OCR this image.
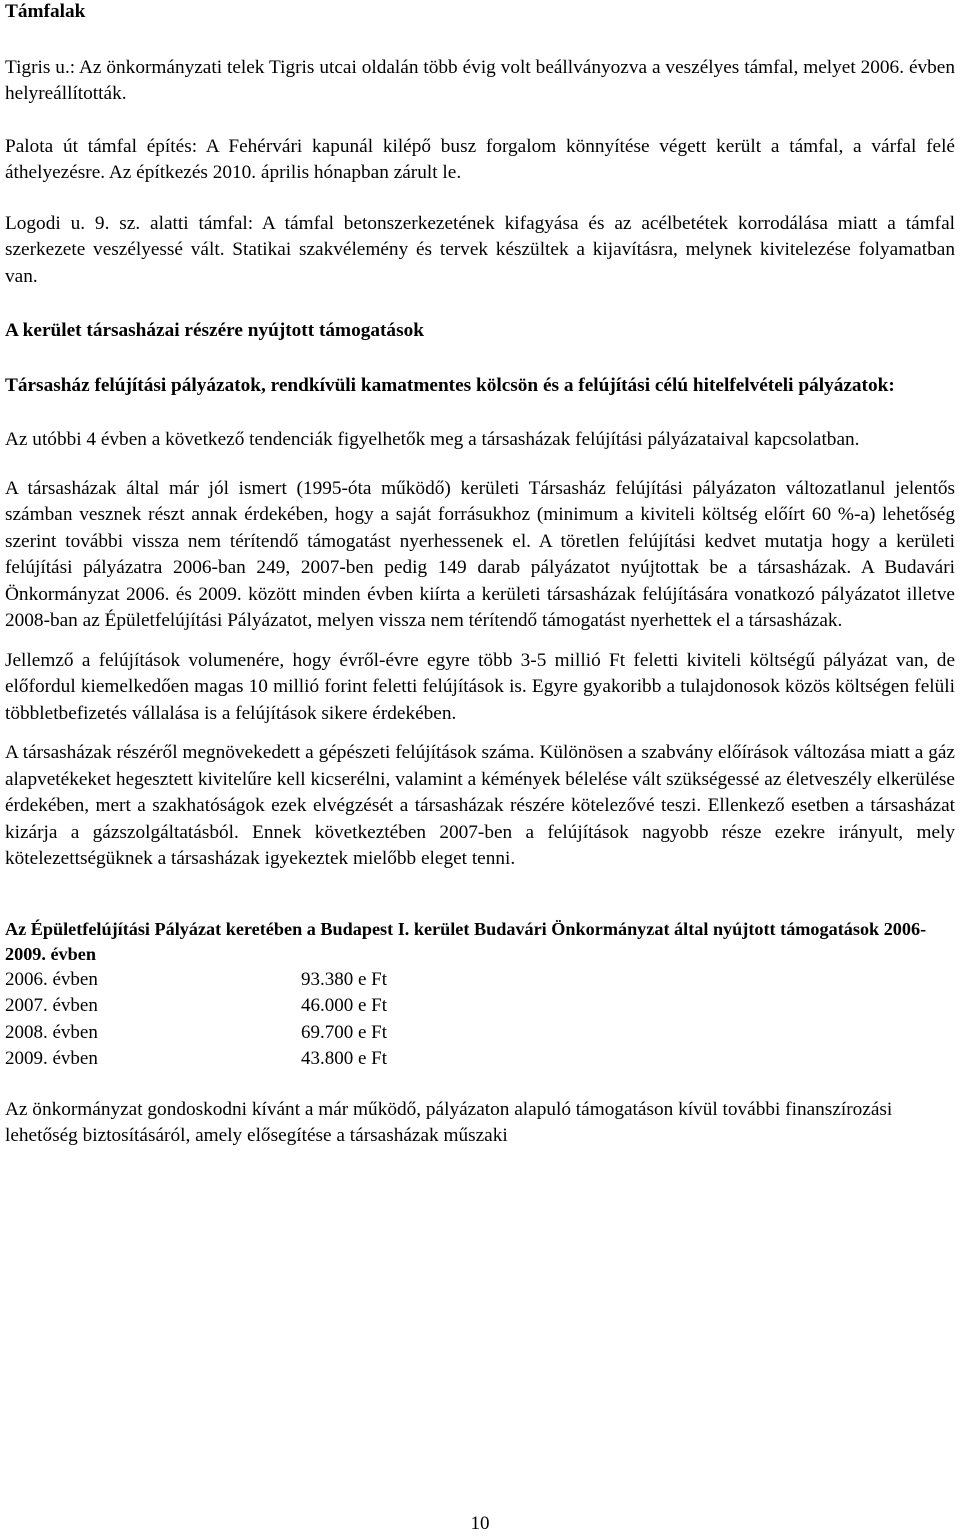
Támfalak

Tigris u.: Az önkormányzati telek Tigris utcai oldalán több évig volt beállványozva a veszélyes támfal, melyet 2006. évben helyreállították.

Palota út támfal építés: A Fehérvári kapunál kilépő busz forgalom könnyítése végett került a támfal, a várfal felé áthelyezésre. Az építkezés 2010. április hónapban zárult le.

Logodi u. 9. sz. alatti támfal: A támfal betonszerkezetének kifagyása és az acélbetétek korrodálása miatt a támfal szerkezete veszélyessé vált. Statikai szakvélemény és tervek készültek a kijavításra, melynek kivitelezése folyamatban van.

A kerület társasházai részére nyújtott támogatások

Társasház felújítási pályázatok, rendkívüli kamatmentes kölcsön és a felújítási célú hitelfelvételi pályázatok:

Az utóbbi 4 évben a következő tendenciák figyelhetők meg a társasházak felújítási pályázataival kapcsolatban.

A társasházak által már jól ismert (1995-óta működő) kerületi Társasház felújítási pályázaton változatlanul jelentős számban vesznek részt annak érdekében, hogy a saját forrásukhoz (minimum a kiviteli költség előírt 60 %-a) lehetőség szerint további vissza nem térítendő támogatást nyerhessenek el. A töretlen felújítási kedvet mutatja hogy a kerületi felújítási pályázatra 2006-ban 249, 2007-ben pedig 149 darab pályázatot nyújtottak be a társasházak. A Budavári Önkormányzat 2006. és 2009. között minden évben kiírta a kerületi társasházak felújítására vonatkozó pályázatot illetve 2008-ban az Épületfelújítási Pályázatot, melyen vissza nem térítendő támogatást nyerhettek el a társasházak.

Jellemző a felújítások volumenére, hogy évről-évre egyre több 3-5 millió Ft feletti kiviteli költségű pályázat van, de előfordul kiemelkedően magas 10 millió forint feletti felújítások is. Egyre gyakoribb a tulajdonosok közös költségen felüli többletbefizetés vállalása is a felújítások sikere érdekében.

A társasházak részéről megnövekedett a gépészeti felújítások száma. Különösen a szabvány előírások változása miatt a gáz alapvetékeket hegesztett kivitelűre kell kicserélni, valamint a kémények bélelése vált szükségessé az életveszély elkerülése érdekében, mert a szakhatóságok ezek elvégzését a társasházak részére kötelezővé teszi. Ellenkező esetben a társasházat kizárja a gázszolgáltatásból. Ennek következtében 2007-ben a felújítások nagyobb része ezekre irányult, mely kötelezettségüknek a társasházak igyekeztek mielőbb eleget tenni.

Az Épületfelújítási Pályázat keretében a Budapest I. kerület Budavári Önkormányzat által nyújtott támogatások 2006-2009. évben

2006. évben	93.380 e Ft
2007. évben	46.000 e Ft
2008. évben	69.700 e Ft
2009. évben	43.800 e Ft

Az önkormányzat gondoskodni kívánt a már működő, pályázaton alapuló támogatáson kívül további finanszírozási lehetőség biztosításáról, amely elősegítése a társasházak műszaki

10
